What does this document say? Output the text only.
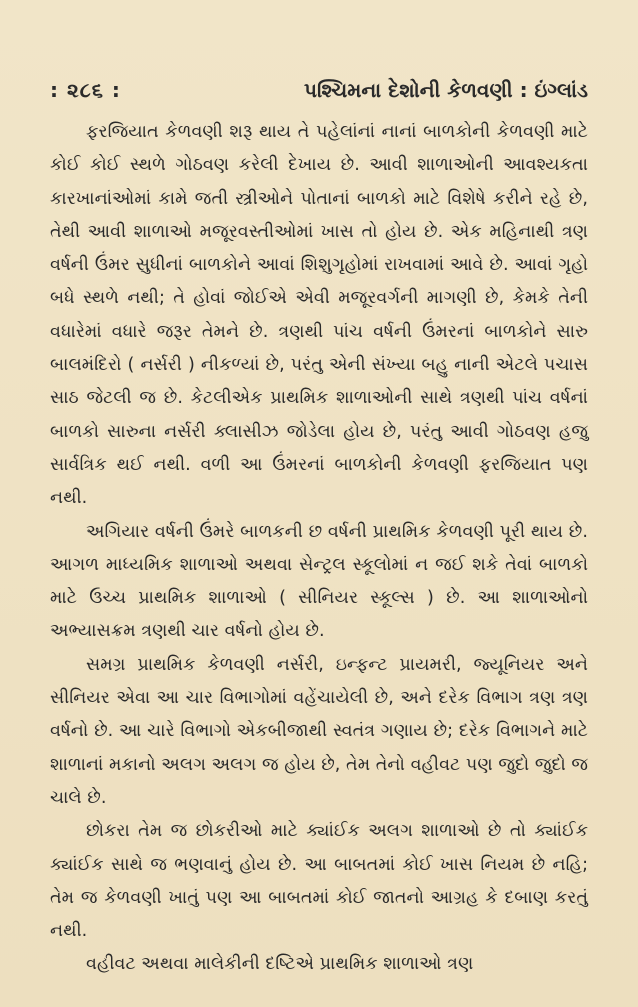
: ૨૮૬ :	પશ્ચિમના દેશોની કેળવણી : ઇંગ્લાંડ

ફરજિયાત કેળવણી શરૂ થાય તે પહેલાંનાં નાનાં બાળકોની કેળવણી માટે કોઈ કોઈ સ્થળે ગોઠવણ કરેલી દેખાય છે. આવી શાળાઓની આવશ્યકતા કારખાનાંઓમાં કામે જતી સ્ત્રીઓને પોતાનાં બાળકો માટે વિશેષે કરીને રહે છે, તેથી આવી શાળાઓ મજૂરવસ્તીઓમાં ખાસ તો હોય છે. એક મહિનાથી ત્રણ વર્ષની ઉંમર સુધીનાં બાળકોને આવાં શિશુગૃહોમાં રાખવામાં આવે છે. આવાં ગૃહો બધે સ્થળે નથી; તે હોવાં જોઈએ એવી મજૂરવર્ગની માગણી છે, કેમકે તેની વધારેમાં વધારે જરૂર તેમને છે. ત્રણથી પાંચ વર્ષની ઉંમરનાં બાળકોને સારુ બાલમંદિરો ( નર્સરી ) નીકળ્યાં છે, પરંતુ એની સંખ્યા બહુ નાની એટલે પચાસ સાઠ જેટલી જ છે. કેટલીએક પ્રાથમિક શાળાઓની સાથે ત્રણથી પાંચ વર્ષનાં બાળકો સારુના નર્સરી ક્લાસીઝ જોડેલા હોય છે, પરંતુ આવી ગોઠવણ હજુ સાર્વત્રિક થઈ નથી. વળી આ ઉંમરનાં બાળકોની કેળવણી ફરજિયાત પણ નથી.

અગિયાર વર્ષની ઉંમરે બાળકની છ વર્ષની પ્રાથમિક કેળવણી પૂરી થાય છે. આગળ માધ્યમિક શાળાઓ અથવા સેન્ટ્રલ સ્કૂલોમાં ન જઈ શકે તેવાં બાળકો માટે ઉચ્ચ પ્રાથમિક શાળાઓ ( સીનિયર સ્કૂલ્સ ) છે. આ શાળાઓનો અભ્યાસક્રમ ત્રણથી ચાર વર્ષનો હોય છે.

સમગ્ર પ્રાથમિક કેળવણી નર્સરી, ઇન્ફન્ટ પ્રાયમરી, જ્યૂનિયર અને સીનિયર એવા આ ચાર વિભાગોમાં વહેંચાયેલી છે, અને દરેક વિભાગ ત્રણ ત્રણ વર્ષનો છે. આ ચારે વિભાગો એકબીજાથી સ્વતંત્ર ગણાય છે; દરેક વિભાગને માટે શાળાનાં મકાનો અલગ અલગ જ હોય છે, તેમ તેનો વહીવટ પણ જુદો જુદો જ ચાલે છે.

છોકરા તેમ જ છોકરીઓ માટે ક્યાંઈક અલગ શાળાઓ છે તો ક્યાંઈક ક્યાંઈક સાથે જ ભણવાનું હોય છે. આ બાબતમાં કોઈ ખાસ નિયમ છે નહિ; તેમ જ કેળવણી ખાતું પણ આ બાબતમાં કોઈ જાતનો આગ્રહ કે દબાણ કરતું નથી.

વહીવટ અથવા માલેકીની દષ્ટિએ પ્રાથમિક શાળાઓ ત્રણ
